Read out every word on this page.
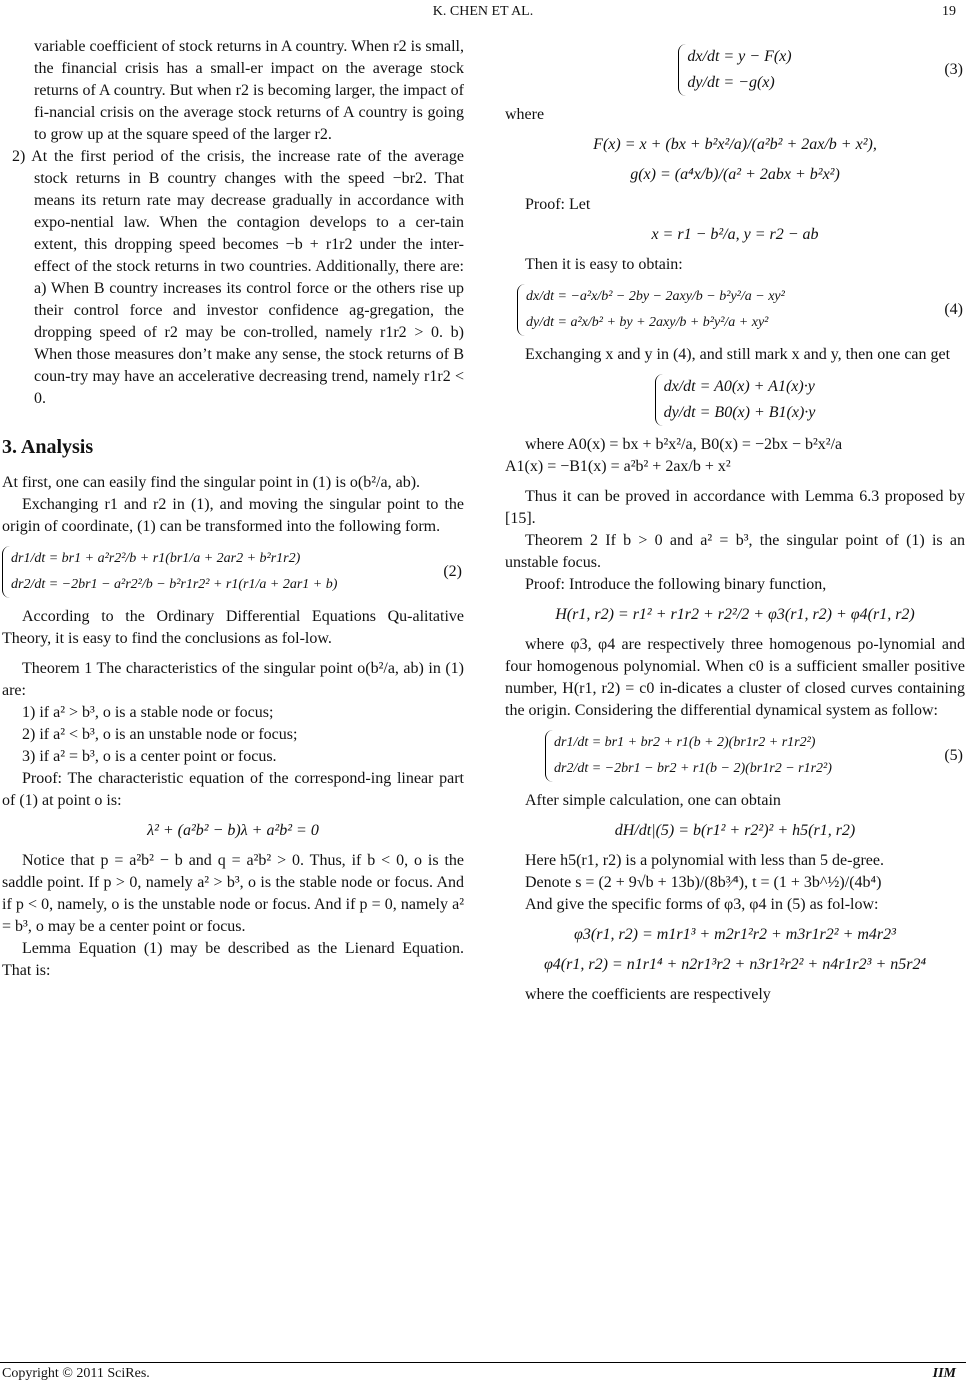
K. CHEN ET AL.	19

variable coefficient of stock returns in A country. When r2 is small, the financial crisis has a small-er impact on the average stock returns of A country. But when r2 is becoming larger, the impact of fi-nancial crisis on the average stock returns of A country is going to grow up at the square speed of the larger r2.

2) At the first period of the crisis, the increase rate of the average stock returns in B country changes with the speed −br2. That means its return rate may decrease gradually in accordance with expo-nential law. When the contagion develops to a cer-tain extent, this dropping speed becomes −b + r1r2 under the inter-effect of the stock returns in two countries. Additionally, there are: a) When B country increases its control force or the others rise up their control force and investor confidence ag-gregation, the dropping speed of r2 may be con-trolled, namely r1r2 > 0. b) When those measures don’t make any sense, the stock returns of B coun-try may have an accelerative decreasing trend, namely r1r2 < 0.

3. Analysis

At first, one can easily find the singular point in (1) is o(b²/a, ab).

Exchanging r1 and r2 in (1), and moving the singular point to the origin of coordinate, (1) can be transformed into the following form.

dr1/dt = br1 + a²r2²/b + r1(br1/a + 2ar2 + b²r1r2)
dr2/dt = −2br1 − a²r2²/b − b²r1r2² + r1(r1/a + 2ar1 + b)
(2)

According to the Ordinary Differential Equations Qu-alitative Theory, it is easy to find the conclusions as fol-low.

Theorem 1 The characteristics of the singular point o(b²/a, ab) in (1) are:

1) if a² > b³, o is a stable node or focus;

2) if a² < b³, o is an unstable node or focus;

3) if a² = b³, o is a center point or focus.

Proof: The characteristic equation of the correspond-ing linear part of (1) at point o is:

λ² + (a²b² − b)λ + a²b² = 0

Notice that p = a²b² − b and q = a²b² > 0. Thus, if b < 0, o is the saddle point. If p > 0, namely a² > b³, o is the stable node or focus. And if p < 0, namely, o is the unstable node or focus. And if p = 0, namely a² = b³, o may be a center point or focus.

Lemma Equation (1) may be described as the Lienard Equation. That is:

dx/dt = y − F(x)
dy/dt = −g(x)
(3)

where

F(x) = x + (bx + b²x²/a)/(a²b² + 2ax/b + x²),
g(x) = (a⁴x/b)/(a² + 2abx + b²x²)

Proof: Let

x = r1 − b²/a, y = r2 − ab

Then it is easy to obtain:

dx/dt = −a²x/b² − 2by − 2axy/b − b²y²/a − xy²
dy/dt = a²x/b² + by + 2axy/b + b²y²/a + xy²
(4)

Exchanging x and y in (4), and still mark x and y, then one can get

dx/dt = A0(x) + A1(x)·y
dy/dt = B0(x) + B1(x)·y

where A0(x) = bx + b²x²/a, B0(x) = −2bx − b²x²/a

A1(x) = −B1(x) = a²b² + 2ax/b + x²

Thus it can be proved in accordance with Lemma 6.3 proposed by [15].

Theorem 2 If b > 0 and a² = b³, the singular point of (1) is an unstable focus.

Proof: Introduce the following binary function,

H(r1, r2) = r1² + r1r2 + r2²/2 + φ3(r1, r2) + φ4(r1, r2)

where φ3, φ4 are respectively three homogenous po-lynomial and four homogenous polynomial. When c0 is a sufficient smaller positive number, H(r1, r2) = c0 in-dicates a cluster of closed curves containing the origin. Considering the differential dynamical system as follow:

dr1/dt = br1 + br2 + r1(b + 2)(br1r2 + r1r2²)
dr2/dt = −2br1 − br2 + r1(b − 2)(br1r2 − r1r2²)
(5)

After simple calculation, one can obtain

dH/dt|(5) = b(r1² + r2²)² + h5(r1, r2)

Here h5(r1, r2) is a polynomial with less than 5 de-gree.

Denote s = (2 + 9√b + 13b)/(8b³⁄⁴), t = (1 + 3b^½)/(4b⁴)

And give the specific forms of φ3, φ4 in (5) as fol-low:

φ3(r1, r2) = m1r1³ + m2r1²r2 + m3r1r2² + m4r2³
φ4(r1, r2) = n1r1⁴ + n2r1³r2 + n3r1²r2² + n4r1r2³ + n5r2⁴

where the coefficients are respectively

Copyright © 2011 SciRes.	IIM
